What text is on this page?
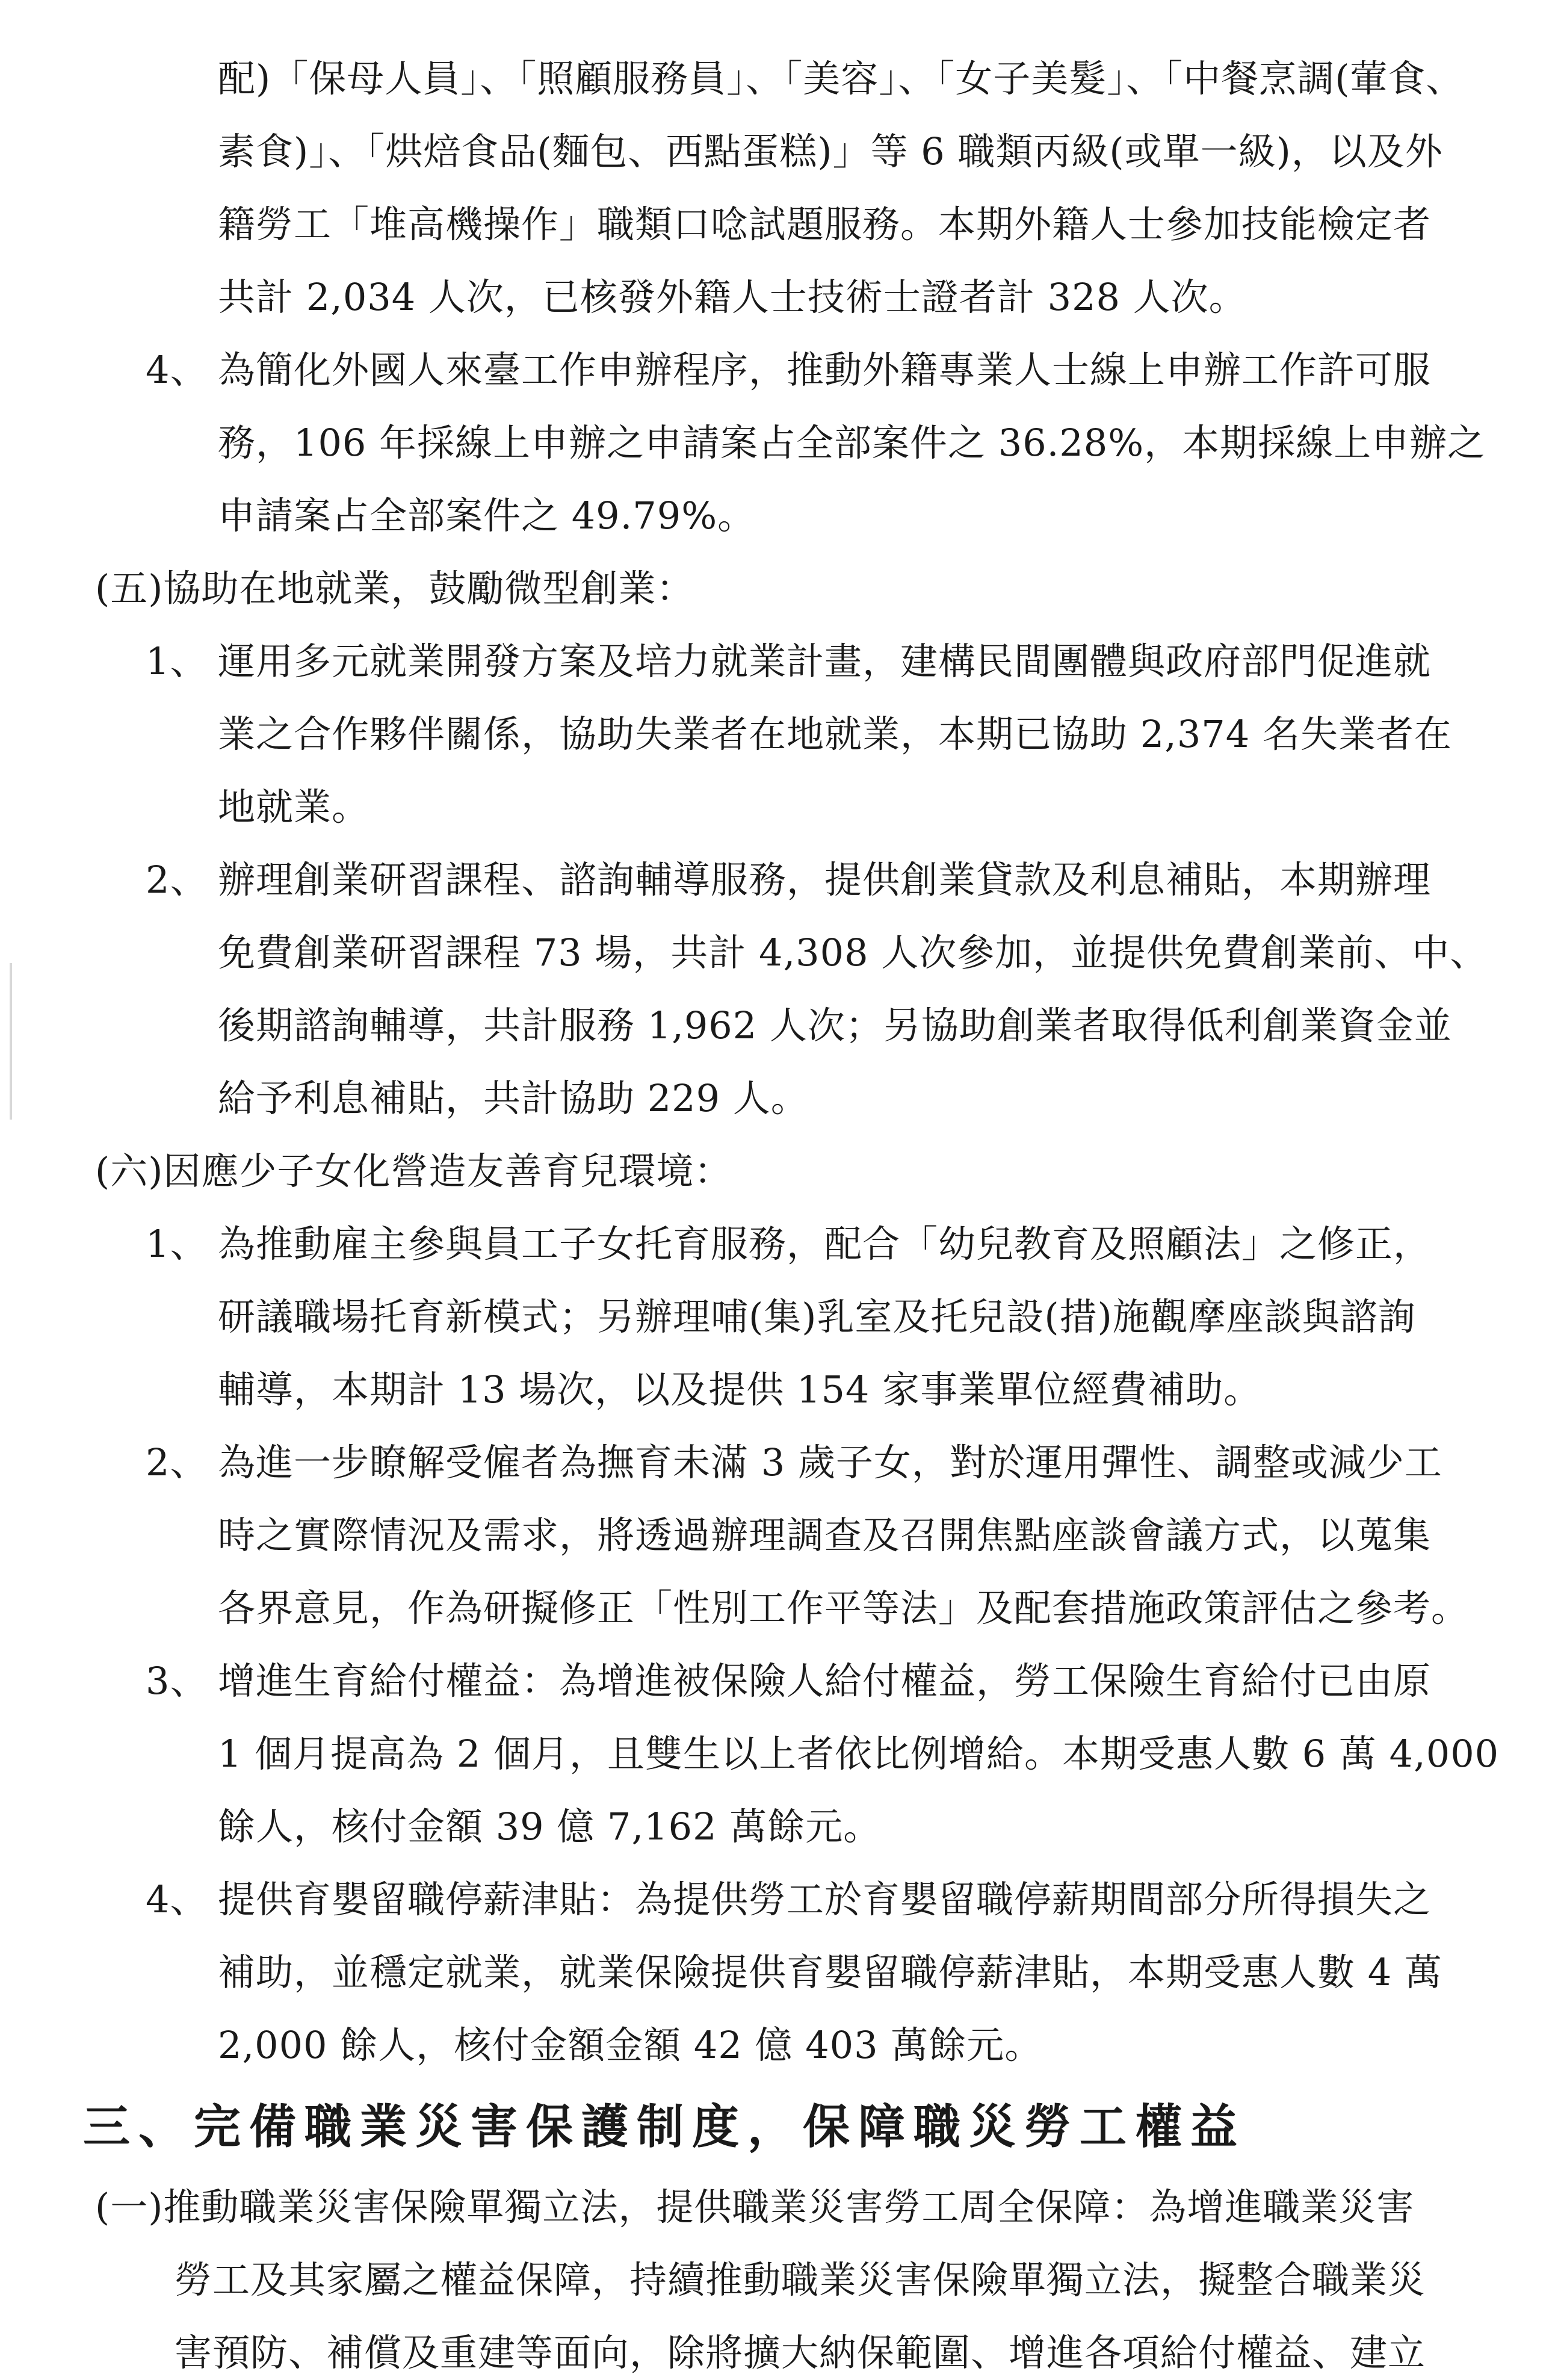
配)「保母人員」、「照顧服務員」、「美容」、「女子美髮」、「中餐烹調(葷食、
素食)」、「烘焙食品(麵包、西點蛋糕)」等 6 職類丙級(或單一級)，以及外
籍勞工「堆高機操作」職類口唸試題服務。本期外籍人士參加技能檢定者
共計 2,034 人次，已核發外籍人士技術士證者計 328 人次。
4、 為簡化外國人來臺工作申辦程序，推動外籍專業人士線上申辦工作許可服
務，106 年採線上申辦之申請案占全部案件之 36.28%，本期採線上申辦之
申請案占全部案件之 49.79%。
(五)協助在地就業，鼓勵微型創業：
1、 運用多元就業開發方案及培力就業計畫，建構民間團體與政府部門促進就
業之合作夥伴關係，協助失業者在地就業，本期已協助 2,374 名失業者在
地就業。
2、 辦理創業研習課程、諮詢輔導服務，提供創業貸款及利息補貼，本期辦理
免費創業研習課程 73 場，共計 4,308 人次參加，並提供免費創業前、中、
後期諮詢輔導，共計服務 1,962 人次；另協助創業者取得低利創業資金並
給予利息補貼，共計協助 229 人。
(六)因應少子女化營造友善育兒環境：
1、 為推動雇主參與員工子女托育服務，配合「幼兒教育及照顧法」之修正，
研議職場托育新模式；另辦理哺(集)乳室及托兒設(措)施觀摩座談與諮詢
輔導，本期計 13 場次，以及提供 154 家事業單位經費補助。
2、 為進一步瞭解受僱者為撫育未滿 3 歲子女，對於運用彈性、調整或減少工
時之實際情況及需求，將透過辦理調查及召開焦點座談會議方式，以蒐集
各界意見，作為研擬修正「性別工作平等法」及配套措施政策評估之參考。
3、 增進生育給付權益：為增進被保險人給付權益，勞工保險生育給付已由原
1 個月提高為 2 個月，且雙生以上者依比例增給。本期受惠人數 6 萬 4,000
餘人，核付金額 39 億 7,162 萬餘元。
4、 提供育嬰留職停薪津貼：為提供勞工於育嬰留職停薪期間部分所得損失之
補助，並穩定就業，就業保險提供育嬰留職停薪津貼，本期受惠人數 4 萬
2,000 餘人，核付金額金額 42 億 403 萬餘元。
三、完備職業災害保護制度，保障職災勞工權益
(一)推動職業災害保險單獨立法，提供職業災害勞工周全保障：為增進職業災害
勞工及其家屬之權益保障，持續推動職業災害保險單獨立法，擬整合職業災
害預防、補償及重建等面向，除將擴大納保範圍、增進各項給付權益、建立
